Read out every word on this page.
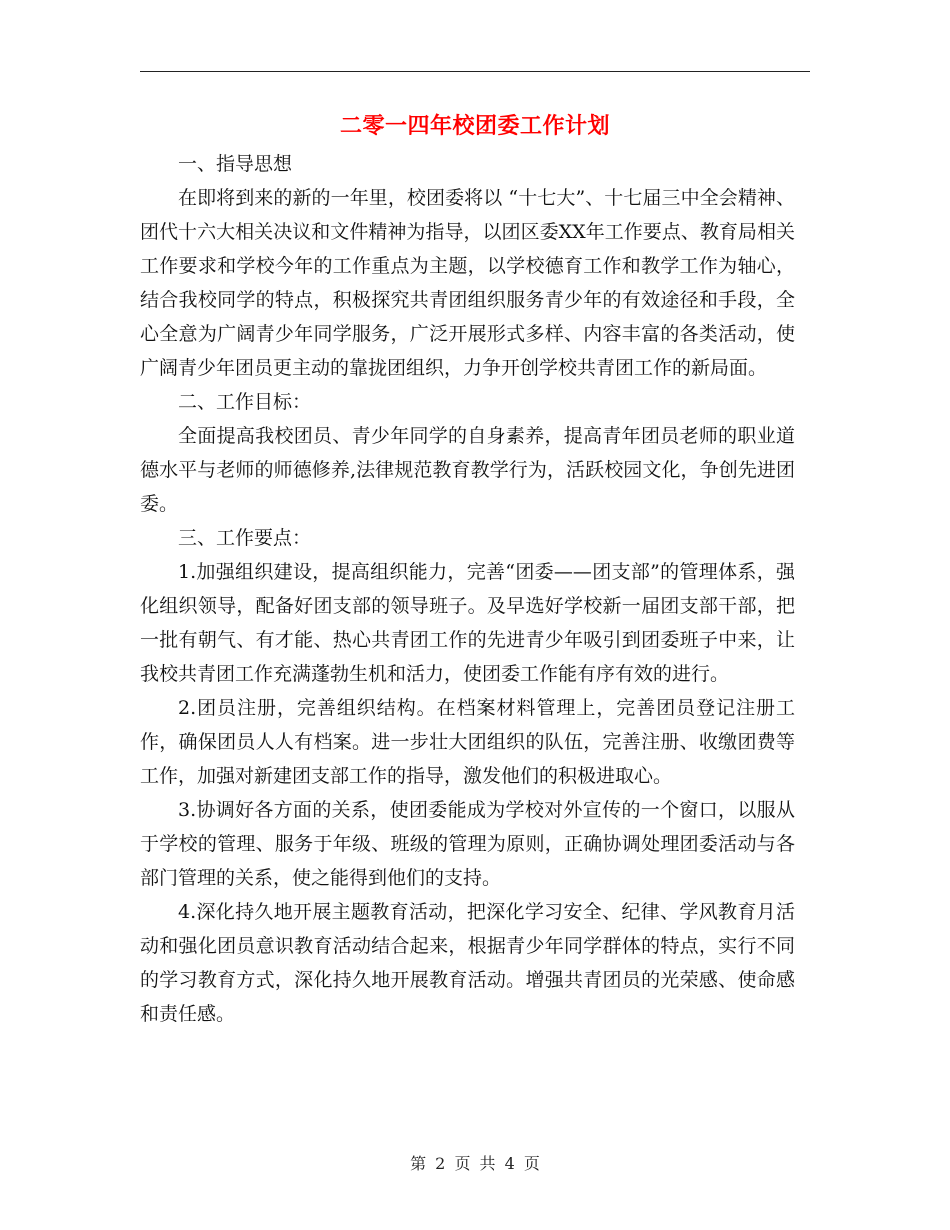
二零一四年校团委工作计划

一、指导思想

在即将到来的新的一年里，校团委将以 “十七大”、十七届三中全会精神、团代十六大相关决议和文件精神为指导，以团区委XX年工作要点、教育局相关工作要求和学校今年的工作重点为主题，以学校德育工作和教学工作为轴心，结合我校同学的特点，积极探究共青团组织服务青少年的有效途径和手段，全心全意为广阔青少年同学服务，广泛开展形式多样、内容丰富的各类活动，使广阔青少年团员更主动的靠拢团组织，力争开创学校共青团工作的新局面。

二、工作目标：

全面提高我校团员、青少年同学的自身素养，提高青年团员老师的职业道德水平与老师的师德修养,法律规范教育教学行为，活跃校园文化，争创先进团委。

三、工作要点：

1.加强组织建设，提高组织能力，完善“团委——团支部”的管理体系，强化组织领导，配备好团支部的领导班子。及早选好学校新一届团支部干部，把一批有朝气、有才能、热心共青团工作的先进青少年吸引到团委班子中来，让我校共青团工作充满蓬勃生机和活力，使团委工作能有序有效的进行。

2.团员注册，完善组织结构。在档案材料管理上，完善团员登记注册工作，确保团员人人有档案。进一步壮大团组织的队伍，完善注册、收缴团费等工作，加强对新建团支部工作的指导，激发他们的积极进取心。

3.协调好各方面的关系，使团委能成为学校对外宣传的一个窗口，以服从于学校的管理、服务于年级、班级的管理为原则，正确协调处理团委活动与各部门管理的关系，使之能得到他们的支持。

4.深化持久地开展主题教育活动，把深化学习安全、纪律、学风教育月活动和强化团员意识教育活动结合起来，根据青少年同学群体的特点，实行不同的学习教育方式，深化持久地开展教育活动。增强共青团员的光荣感、使命感和责任感。

第 2 页 共 4 页
